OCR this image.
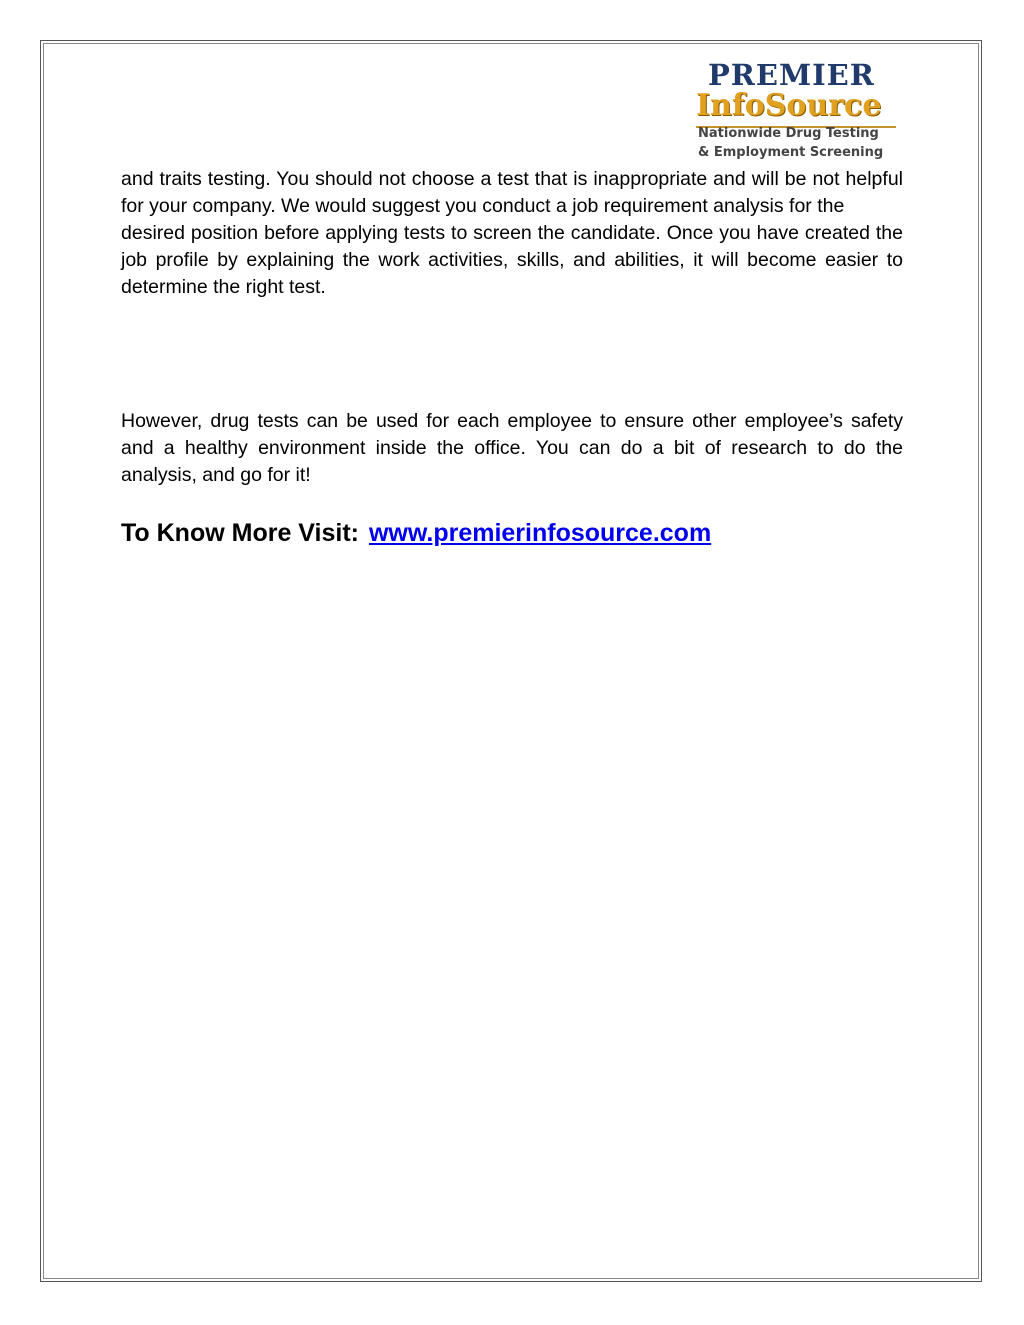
PREMIER
InfoSource
Nationwide Drug Testing
& Employment Screening

and traits testing. You should not choose a test that is inappropriate and will be not helpful for your company. We would suggest you conduct a job requirement analysis for the

desired position before applying tests to screen the candidate. Once you have created the job profile by explaining the work activities, skills, and abilities, it will become easier to determine the right test.

However, drug tests can be used for each employee to ensure other employee’s safety and a healthy environment inside the office. You can do a bit of research to do the analysis, and go for it!

To Know More Visit: www.premierinfosource.com
